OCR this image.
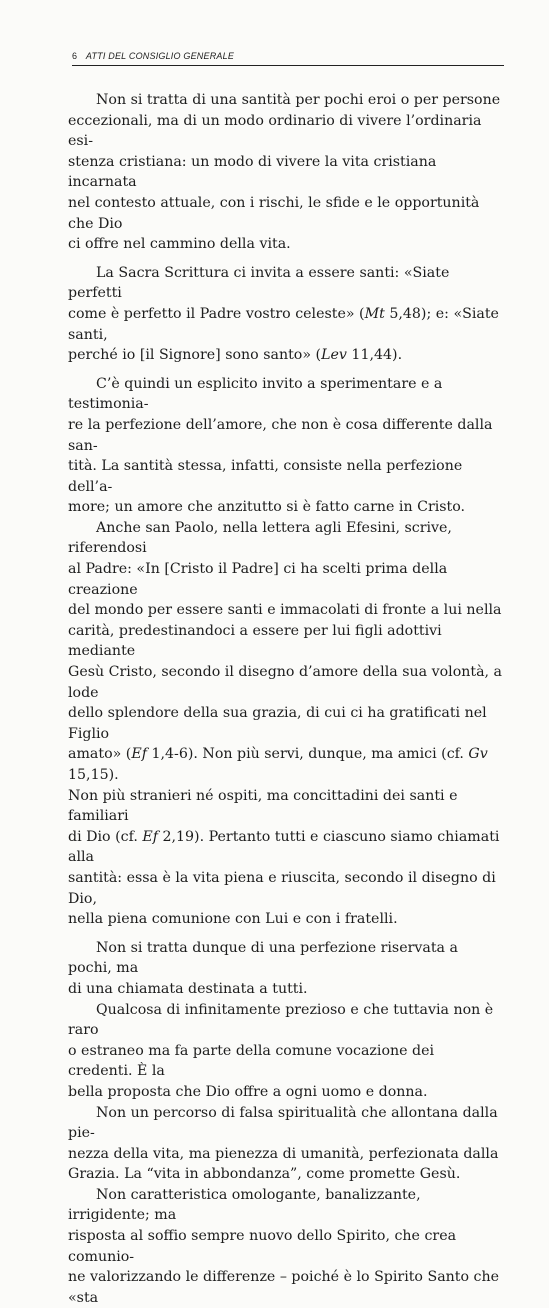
6 ATTI DEL CONSIGLIO GENERALE

Non si tratta di una santità per pochi eroi o per persone
eccezionali, ma di un modo ordinario di vivere l’ordinaria esi-
stenza cristiana: un modo di vivere la vita cristiana incarnata
nel contesto attuale, con i rischi, le sfide e le opportunità che Dio
ci offre nel cammino della vita.

La Sacra Scrittura ci invita a essere santi: «Siate perfetti
come è perfetto il Padre vostro celeste» (Mt 5,48); e: «Siate santi,
perché io [il Signore] sono santo» (Lev 11,44).

C’è quindi un esplicito invito a sperimentare e a testimonia-
re la perfezione dell’amore, che non è cosa differente dalla san-
tità. La santità stessa, infatti, consiste nella perfezione dell’a-
more; un amore che anzitutto si è fatto carne in Cristo.

Anche san Paolo, nella lettera agli Efesini, scrive, riferendosi
al Padre: «In [Cristo il Padre] ci ha scelti prima della creazione
del mondo per essere santi e immacolati di fronte a lui nella
carità, predestinandoci a essere per lui figli adottivi mediante
Gesù Cristo, secondo il disegno d’amore della sua volontà, a lode
dello splendore della sua grazia, di cui ci ha gratificati nel Figlio
amato» (Ef 1,4-6). Non più servi, dunque, ma amici (cf. Gv 15,15).
Non più stranieri né ospiti, ma concittadini dei santi e familiari
di Dio (cf. Ef 2,19). Pertanto tutti e ciascuno siamo chiamati alla
santità: essa è la vita piena e riuscita, secondo il disegno di Dio,
nella piena comunione con Lui e con i fratelli.

Non si tratta dunque di una perfezione riservata a pochi, ma
di una chiamata destinata a tutti.

Qualcosa di infinitamente prezioso e che tuttavia non è raro
o estraneo ma fa parte della comune vocazione dei credenti. È la
bella proposta che Dio offre a ogni uomo e donna.

Non un percorso di falsa spiritualità che allontana dalla pie-
nezza della vita, ma pienezza di umanità, perfezionata dalla
Grazia. La “vita in abbondanza”, come promette Gesù.

Non caratteristica omologante, banalizzante, irrigidente; ma
risposta al soffio sempre nuovo dello Spirito, che crea comunio-
ne valorizzando le differenze – poiché è lo Spirito Santo che «sta
